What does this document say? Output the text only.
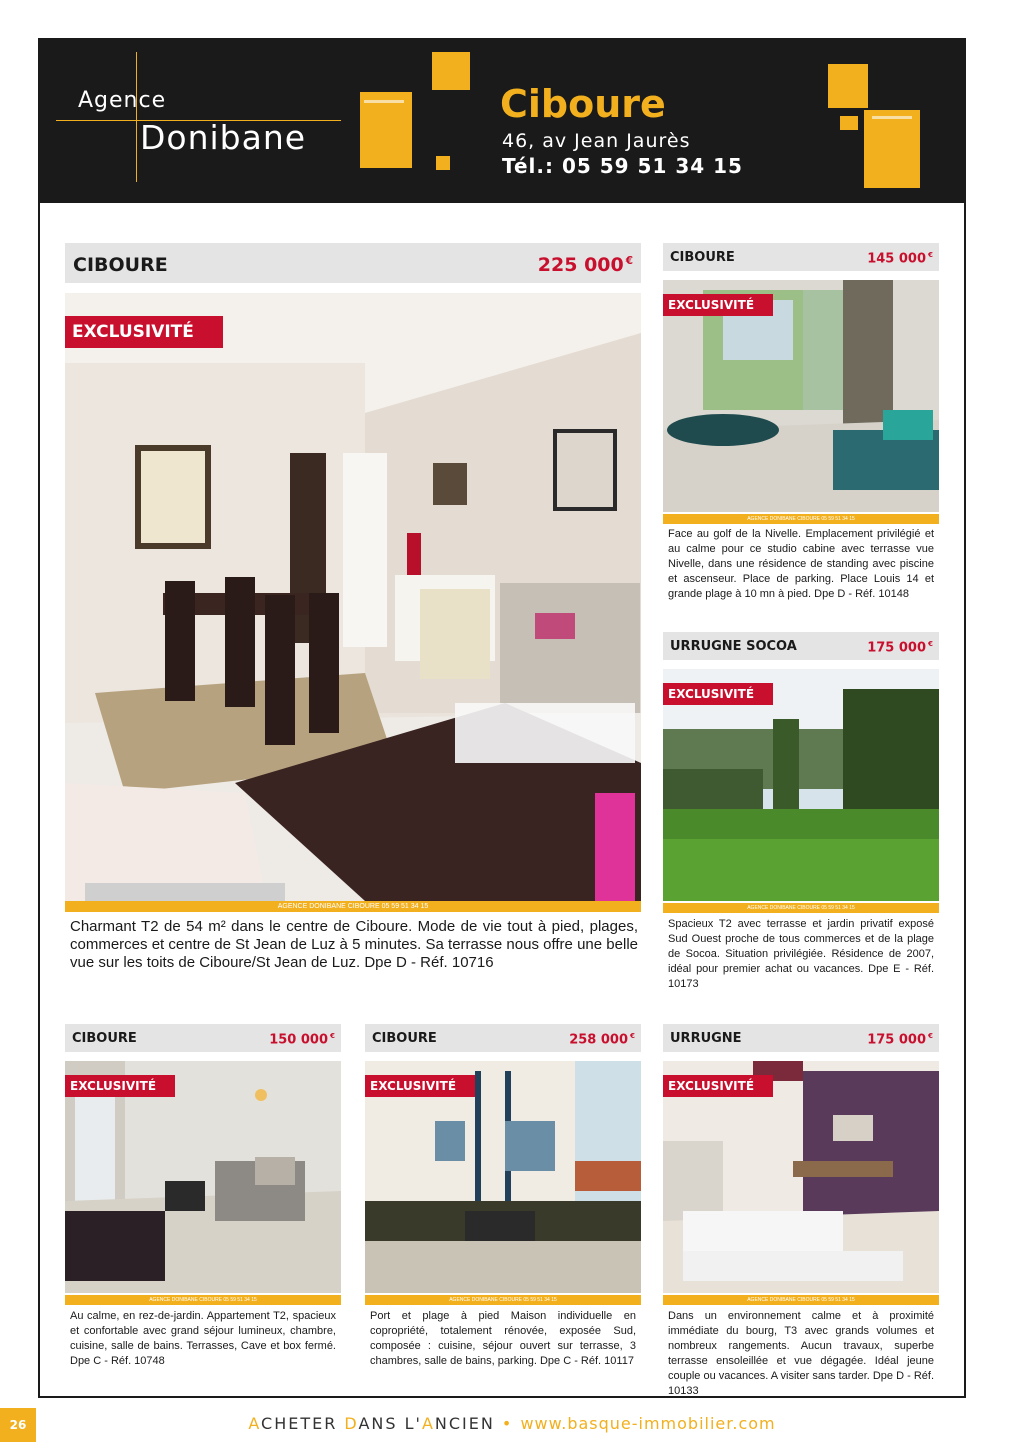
Agence
Donibane
Ciboure
46, av Jean Jaurès
Tél.: 05 59 51 34 15
CIBOURE	225 000 €
EXCLUSIVITÉ
AGENCE DONIBANE CIBOURE 05 59 51 34 15
Charmant T2 de 54 m² dans le centre de Ciboure. Mode de vie tout à pied, plages, commerces et centre de St Jean de Luz à 5 minutes. Sa terrasse nous offre une belle vue sur les toits de Ciboure/St Jean de Luz. Dpe D - Réf. 10716
CIBOURE	145 000 €
EXCLUSIVITÉ
AGENCE DONIBANE CIBOURE 05 59 51 34 15
Face au golf de la Nivelle. Emplacement privilégié et au calme pour ce studio cabine avec terrasse vue Nivelle, dans une résidence de standing avec piscine et ascenseur. Place de parking. Place Louis 14 et grande plage à 10 mn à pied. Dpe D - Réf. 10148
URRUGNE SOCOA	175 000 €
EXCLUSIVITÉ
AGENCE DONIBANE CIBOURE 05 59 51 34 15
Spacieux T2 avec terrasse et jardin privatif exposé Sud Ouest proche de tous commerces et de la plage de Socoa. Situation privilégiée. Résidence de 2007, idéal pour premier achat ou vacances. Dpe E - Réf. 10173
CIBOURE	150 000 €
EXCLUSIVITÉ
AGENCE DONIBANE CIBOURE 05 59 51 34 15
Au calme, en rez-de-jardin. Appartement T2, spacieux et confortable avec grand séjour lumineux, chambre, cuisine, salle de bains. Terrasses, Cave et box fermé. Dpe C - Réf. 10748
CIBOURE	258 000 €
EXCLUSIVITÉ
AGENCE DONIBANE CIBOURE 05 59 51 34 15
Port et plage à pied Maison individuelle en copropriété, totalement rénovée, exposée Sud, composée : cuisine, séjour ouvert sur terrasse, 3 chambres, salle de bains, parking. Dpe C - Réf. 10117
URRUGNE	175 000 €
EXCLUSIVITÉ
AGENCE DONIBANE CIBOURE 05 59 51 34 15
Dans un environnement calme et à proximité immédiate du bourg, T3 avec grands volumes et nombreux rangements. Aucun travaux, superbe terrasse ensoleillée et vue dégagée. Idéal jeune couple ou vacances. A visiter sans tarder. Dpe D - Réf. 10133
26	ACHETER DANS L'ANCIEN • www.basque-immobilier.com
